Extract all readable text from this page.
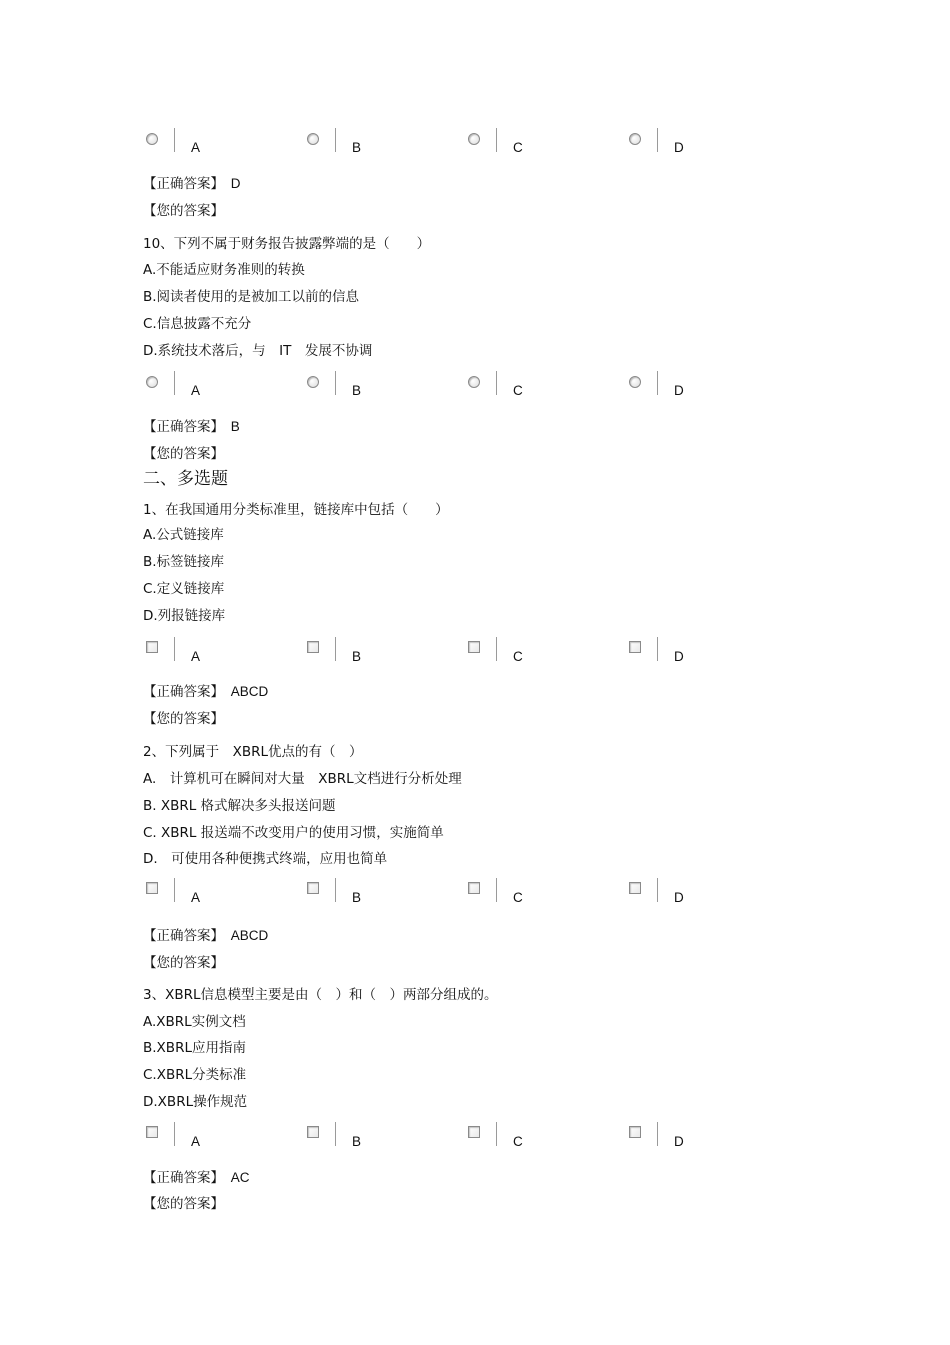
A	B	C	D
【正确答案】　 D
【您的答案】
10、下列不属于财务报告披露弊端的是（　　）
A.不能适应财务准则的转换
B.阅读者使用的是被加工以前的信息
C.信息披露不充分
D.系统技术落后，与　IT　发展不协调
A	B	C	D
【正确答案】　 B
【您的答案】
二、多选题
1、在我国通用分类标准里，链接库中包括（　　）
A.公式链接库
B.标签链接库
C.定义链接库
D.列报链接库
A	B	C	D
【正确答案】　 ABCD
【您的答案】
2、下列属于　XBRL优点的有（　）
A.　计算机可在瞬间对大量　XBRL文档进行分析处理
B. XBRL 格式解决多头报送问题
C. XBRL 报送端不改变用户的使用习惯，实施简单
D.　可使用各种便携式终端，应用也简单
A	B	C	D
【正确答案】　 ABCD
【您的答案】
3、XBRL信息模型主要是由（　）和（　）两部分组成的。
A.XBRL实例文档
B.XBRL应用指南
C.XBRL分类标准
D.XBRL操作规范
A	B	C	D
【正确答案】　 AC
【您的答案】
